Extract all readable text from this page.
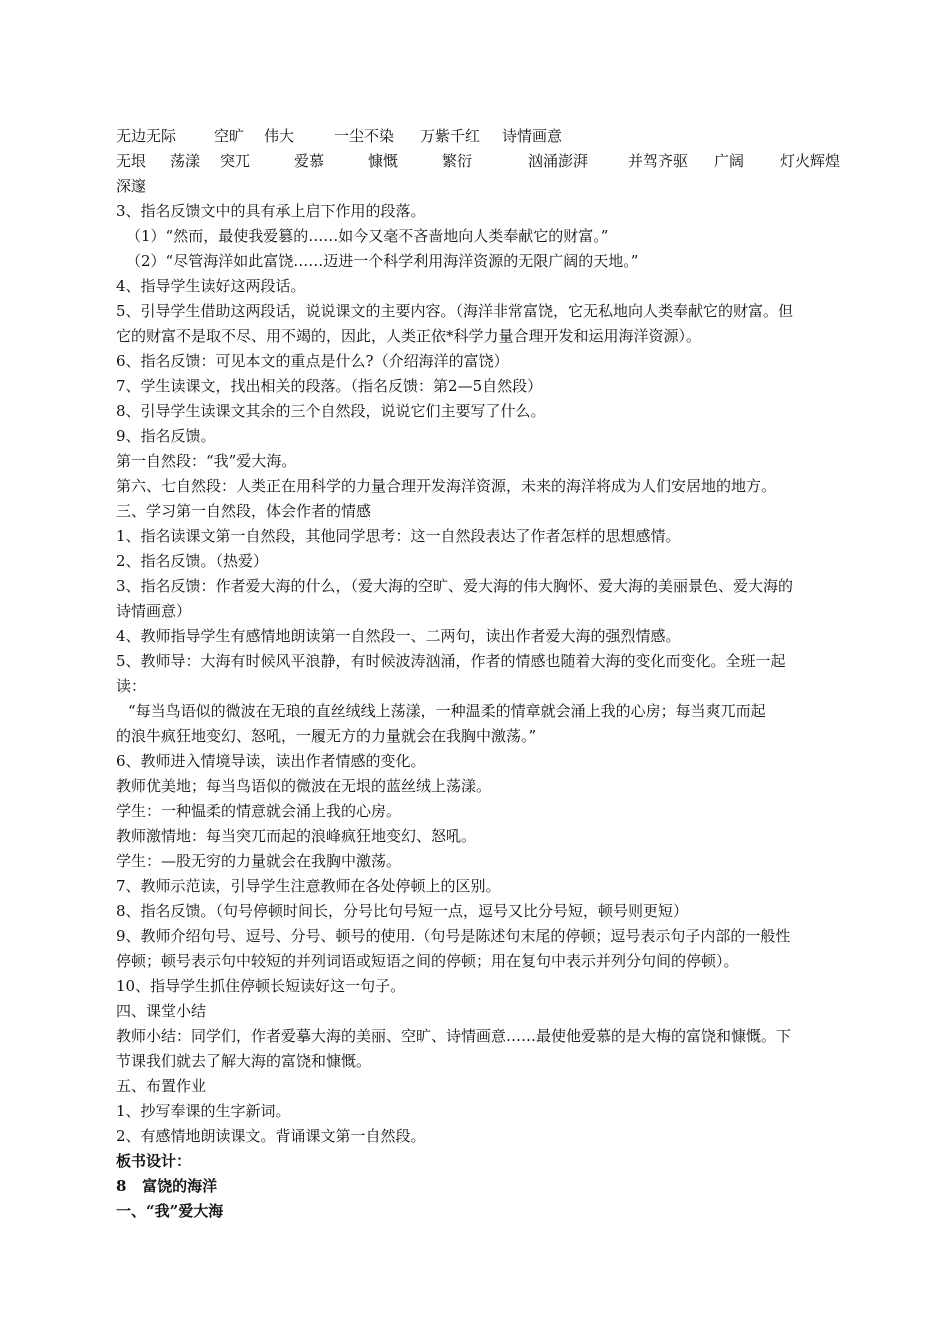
无边无际	空旷 伟大	一尘不染 万紫千红 诗情画意
无垠 荡漾 突兀	爱慕	慷慨	繁衍	汹涌澎湃	并驾齐驱 广阔 灯火辉煌
深邃
3、指名反馈文中的具有承上启下作用的段落。
（1）“然而，最使我爱篡的……如今又毫不吝啬地向人类奉献它的财富。”
（2）“尽管海洋如此富饶……迈进一个科学利用海洋资源的无限广阔的天地。”
4、指导学生读好这两段话。
5、引导学生借助这两段话，说说课文的主要内容。（海洋非常富饶，它无私地向人类奉献它的财富。但
它的财富不是取不尽、用不竭的，因此，人类正依*科学力量合理开发和运用海洋资源）。
6、指名反馈：可见本文的重点是什么?（介绍海洋的富饶）
7、学生读课文，找出相关的段落。（指名反馈：第2—5自然段）
8、引导学生读课文其余的三个自然段，说说它们主要写了什么。
9、指名反馈。
第一自然段：“我”爱大海。
第六、七自然段：人类正在用科学的力量合理开发海洋资源，未来的海洋将成为人们安居地的地方。
三、学习第一自然段，体会作者的情感
1、指名读课文第一自然段，其他同学思考：这一自然段表达了作者怎样的思想感情。
2、指名反馈。（热爱）
3、指名反馈：作者爱大海的什么，（爱大海的空旷、爱大海的伟大胸怀、爱大海的美丽景色、爱大海的
诗情画意）
4、教师指导学生有感情地朗读第一自然段一、二两句，读出作者爱大海的强烈情感。
5、教师导：大海有时候风平浪静，有时候波涛汹涌，作者的情感也随着大海的变化而变化。全班一起
读：
“每当鸟语似的微波在无琅的直丝绒线上荡漾，一种温柔的情章就会涌上我的心房；每当爽兀而起
的浪牛疯狂地变幻、怒吼，一履无方的力量就会在我胸中激荡。”
6、教师进入情境导读，读出作者情感的变化。
教师优美地；每当鸟语似的微波在无垠的蓝丝绒上荡漾。
学生：一种愠柔的情意就会涌上我的心房。
教师激情地：每当突兀而起的浪峰疯狂地变幻、怒吼。
学生：—股无穷的力量就会在我胸中激荡。
7、教师示范读，引导学生注意教师在各处停顿上的区别。
8、指名反馈。（句号停顿时间长，分号比句号短一点，逗号又比分号短，顿号则更短）
9、教师介绍句号、逗号、分号、顿号的使用.（句号是陈述句末尾的停顿；逗号表示句子内部的一般性
停顿；顿号表示句中较短的并列词语或短语之间的停顿；用在复句中表示并列分句间的停顿）。
10、指导学生抓住停顿长短读好这一句子。
四、课堂小结
教师小结：同学们，作者爱摹大海的美丽、空旷、诗情画意……最使他爱慕的是大梅的富饶和慷慨。下
节课我们就去了解大海的富饶和慷慨。
五、布置作业
1、抄写奉课的生字新词。
2、有感情地朗读课文。背诵课文第一自然段。
板书设计：
8   富饶的海洋
一、“我”爱大海
